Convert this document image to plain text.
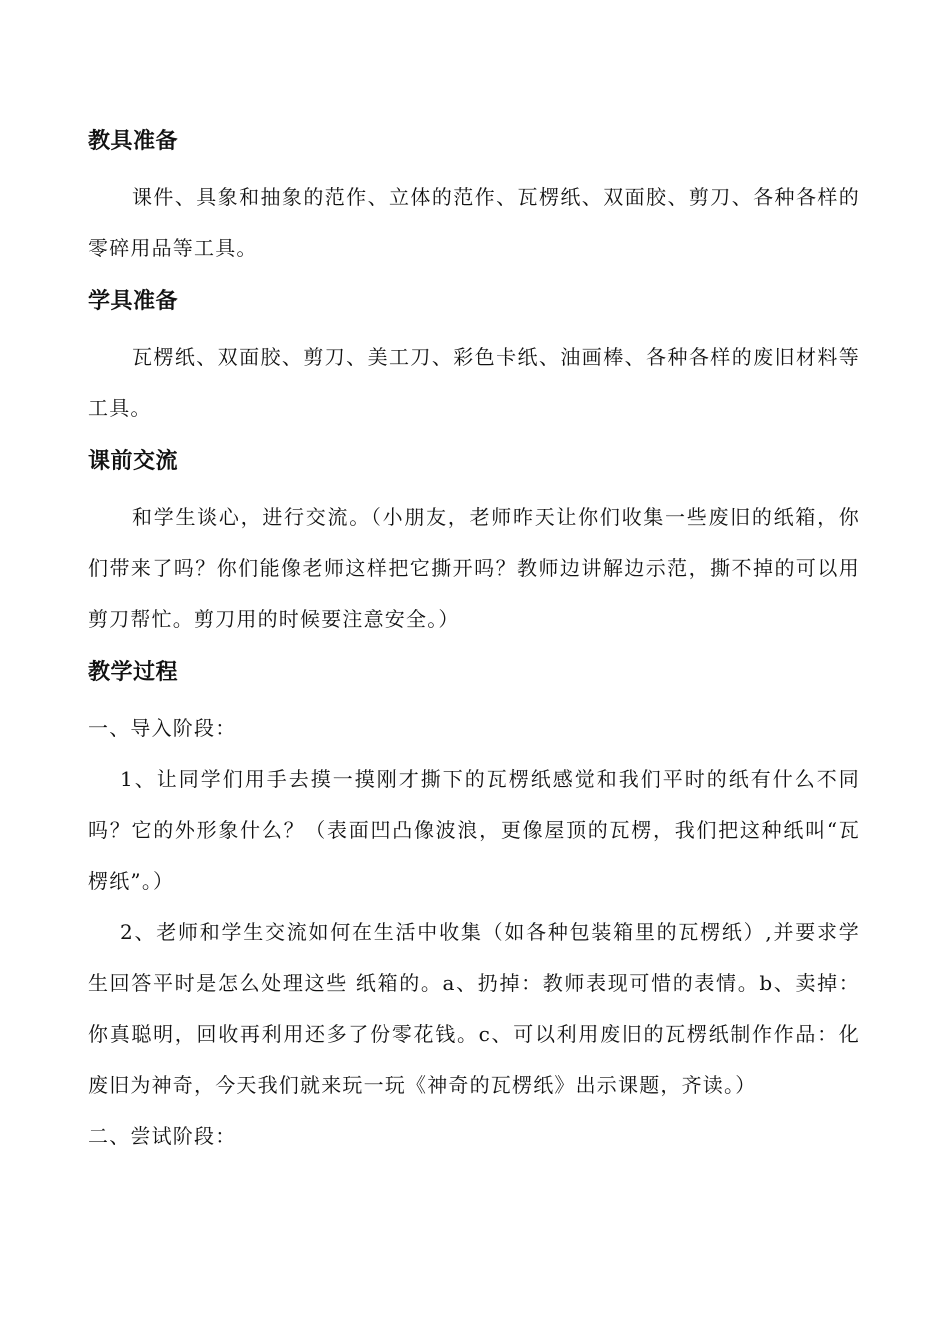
教具准备

课件、具象和抽象的范作、立体的范作、瓦楞纸、双面胶、剪刀、各种各样的零碎用品等工具。

学具准备

瓦楞纸、双面胶、剪刀、美工刀、彩色卡纸、油画棒、各种各样的废旧材料等工具。

课前交流

和学生谈心，进行交流。（小朋友，老师昨天让你们收集一些废旧的纸箱，你们带来了吗？你们能像老师这样把它撕开吗？教师边讲解边示范，撕不掉的可以用剪刀帮忙。剪刀用的时候要注意安全。）

教学过程

一、导入阶段：

1、让同学们用手去摸一摸刚才撕下的瓦楞纸感觉和我们平时的纸有什么不同吗？它的外形象什么？（表面凹凸像波浪，更像屋顶的瓦楞，我们把这种纸叫“瓦楞纸”。）

2、老师和学生交流如何在生活中收集（如各种包装箱里的瓦楞纸）,并要求学生回答平时是怎么处理这些 纸箱的。a、扔掉：教师表现可惜的表情。b、卖掉：你真聪明，回收再利用还多了份零花钱。c、可以利用废旧的瓦楞纸制作作品：化废旧为神奇，今天我们就来玩一玩《神奇的瓦楞纸》出示课题，齐读。）

二、尝试阶段：
